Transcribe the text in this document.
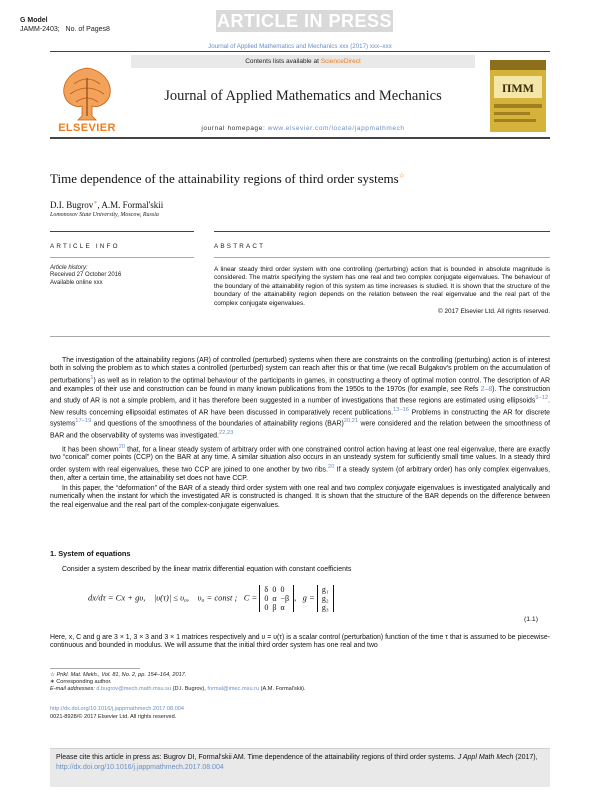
G Model
JAMM-2403; No. of Pages8	ARTICLE IN PRESS
Journal of Applied Mathematics and Mechanics xxx (2017) xxx–xxx
ELSEVIER
Contents lists available at ScienceDirect
Journal of Applied Mathematics and Mechanics
journal homepage: www.elsevier.com/locate/jappmathmech
ПММ
Time dependence of the attainability regions of third order systems☆
D.I. Bugrov∗, A.M. Formal'skii
Lomonosov State University, Moscow, Russia
ARTICLE INFO	ABSTRACT
Article history:
Received 27 October 2016
Available online xxx
A linear steady third order system with one controlling (perturbing) action that is bounded in absolute magnitude is considered. The matrix specifying the system has one real and two complex conjugate eigenvalues. The behaviour of the boundary of the attainability region of this system as time increases is studied. It is shown that the structure of the boundary of the attainability region depends on the relation between the real eigenvalue and the real part of the complex conjugate eigenvalues.
© 2017 Elsevier Ltd. All rights reserved.

The investigation of the attainability regions (AR) of controlled (perturbed) systems when there are constraints on the controlling (perturbing) action is of interest both in solving the problem as to which states a controlled (perturbed) system can reach after this or that time (we recall Bulgakov's problem on the accumulation of perturbations$^1$) as well as in relation to the optimal behaviour of the participants in games, in constructing a theory of optimal motion control. The description of AR and examples of their use and construction can be found in many known publications from the 1950s to the 1970s (for example, see Refs 2–8). The construction and study of AR is not a simple problem, and it has therefore been suggested in a number of investigations that these regions are estimated using ellipsoids$^{9-12}$. New results concerning ellipsoidal estimates of AR have been discussed in comparatively recent publications.$^{13-16}$ Problems in constructing the AR for discrete systems$^{17-19}$ and questions of the smoothness of the boundaries of attainability regions (BAR)$^{20,21}$ were considered and the relation between the smoothness of BAR and the observability of systems was investigated.$^{22,23}$

It has been shown$^{20}$ that, for a linear steady system of arbitrary order with one constrained control action having at least one real eigenvalue, there are exactly two “conical” corner points (CCP) on the BAR at any time. A similar situation also occurs in an unsteady system for sufficiently small time values. In a steady third order system with real eigenvalues, these two CCP are joined to one another by two ribs.$^{20}$ If a steady system (of arbitrary order) has only complex eigenvalues, then, after a certain time, the attainability set does not have CCP.

In this paper, the “deformation” of the BAR of a steady third order system with one real and two complex conjugate eigenvalues is investigated analytically and numerically when the instant for which the investigated AR is constructed is changed. It is shown that the structure of the BAR depends on the difference between the real eigenvalue and the real part of the complex-conjugate eigenvalues.

1. System of equations

Consider a system described by the linear matrix differential equation with constant coefficients

dx/dτ = Cx + gυ, |υ(τ)| ≤ υ₀, υ₀ = const ; C =
δ	0	0
0	α	−β
0	β	α
,   g =
g₁
g₂
g₃
(1.1)

Here, x, C and g are 3 × 1, 3 × 3 and 3 × 1 matrices respectively and υ = υ(τ) is a scalar control (perturbation) function of the time τ that is assumed to be piecewise-continuous and bounded in modulus. We will assume that the initial third order system has one real and two

☆ Prikl. Mat. Mekh., Vol. 81, No. 2, pp. 154–164, 2017.
∗ Corresponding author.
E-mail addresses: d.bugrov@mech.math.msu.su (D.I. Bugrov), formal@imec.msu.ru (A.M. Formal'skii).
http://dx.doi.org/10.1016/j.jappmathmech.2017.08.004
0021-8928/© 2017 Elsevier Ltd. All rights reserved.
Please cite this article in press as: Bugrov DI, Formal'skii AM. Time dependence of the attainability regions of third order systems. J Appl Math Mech (2017), http://dx.doi.org/10.1016/j.jappmathmech.2017.08.004
